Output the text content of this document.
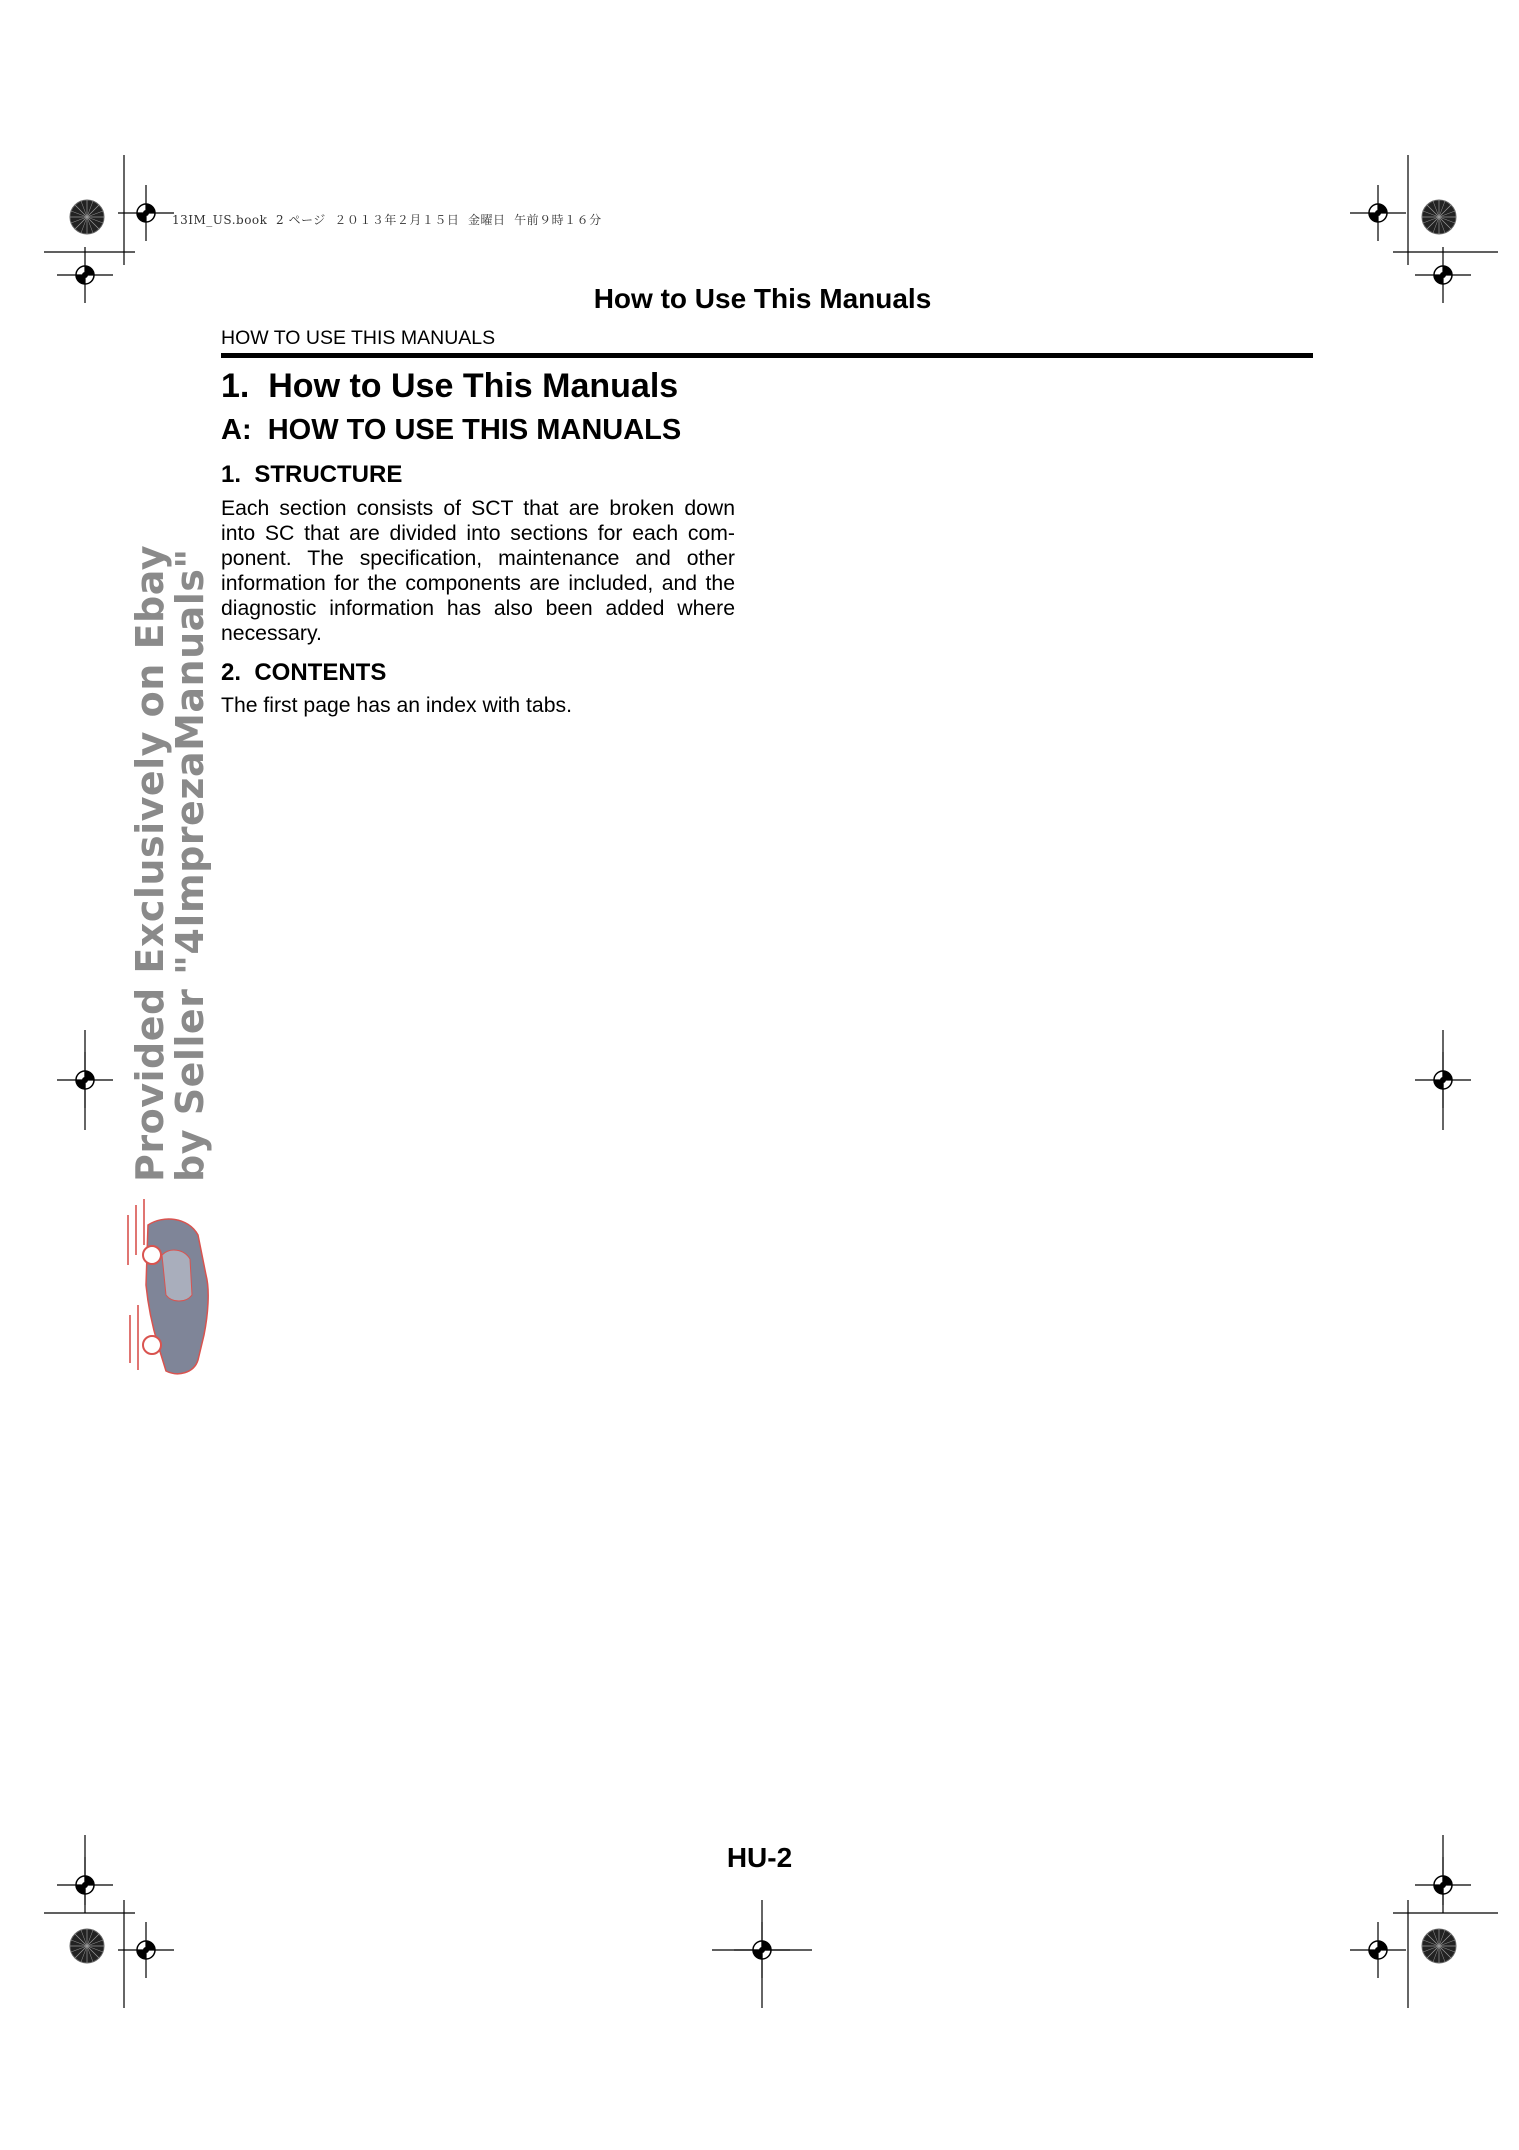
13IM_US.book  2 ページ  ２０１３年２月１５日  金曜日  午前９時１６分
How to Use This Manuals
HOW TO USE THIS MANUALS
1.  How to Use This Manuals
A:  HOW TO USE THIS MANUALS
1.  STRUCTURE
Each section consists of SCT that are broken down into SC that are divided into sections for each com-ponent. The specification, maintenance and other information for the components are included, and the diagnostic information has also been added where necessary.
2.  CONTENTS
The first page has an index with tabs.
HU-2
Provided Exclusively on Ebay
by Seller "4ImprezaManuals"
